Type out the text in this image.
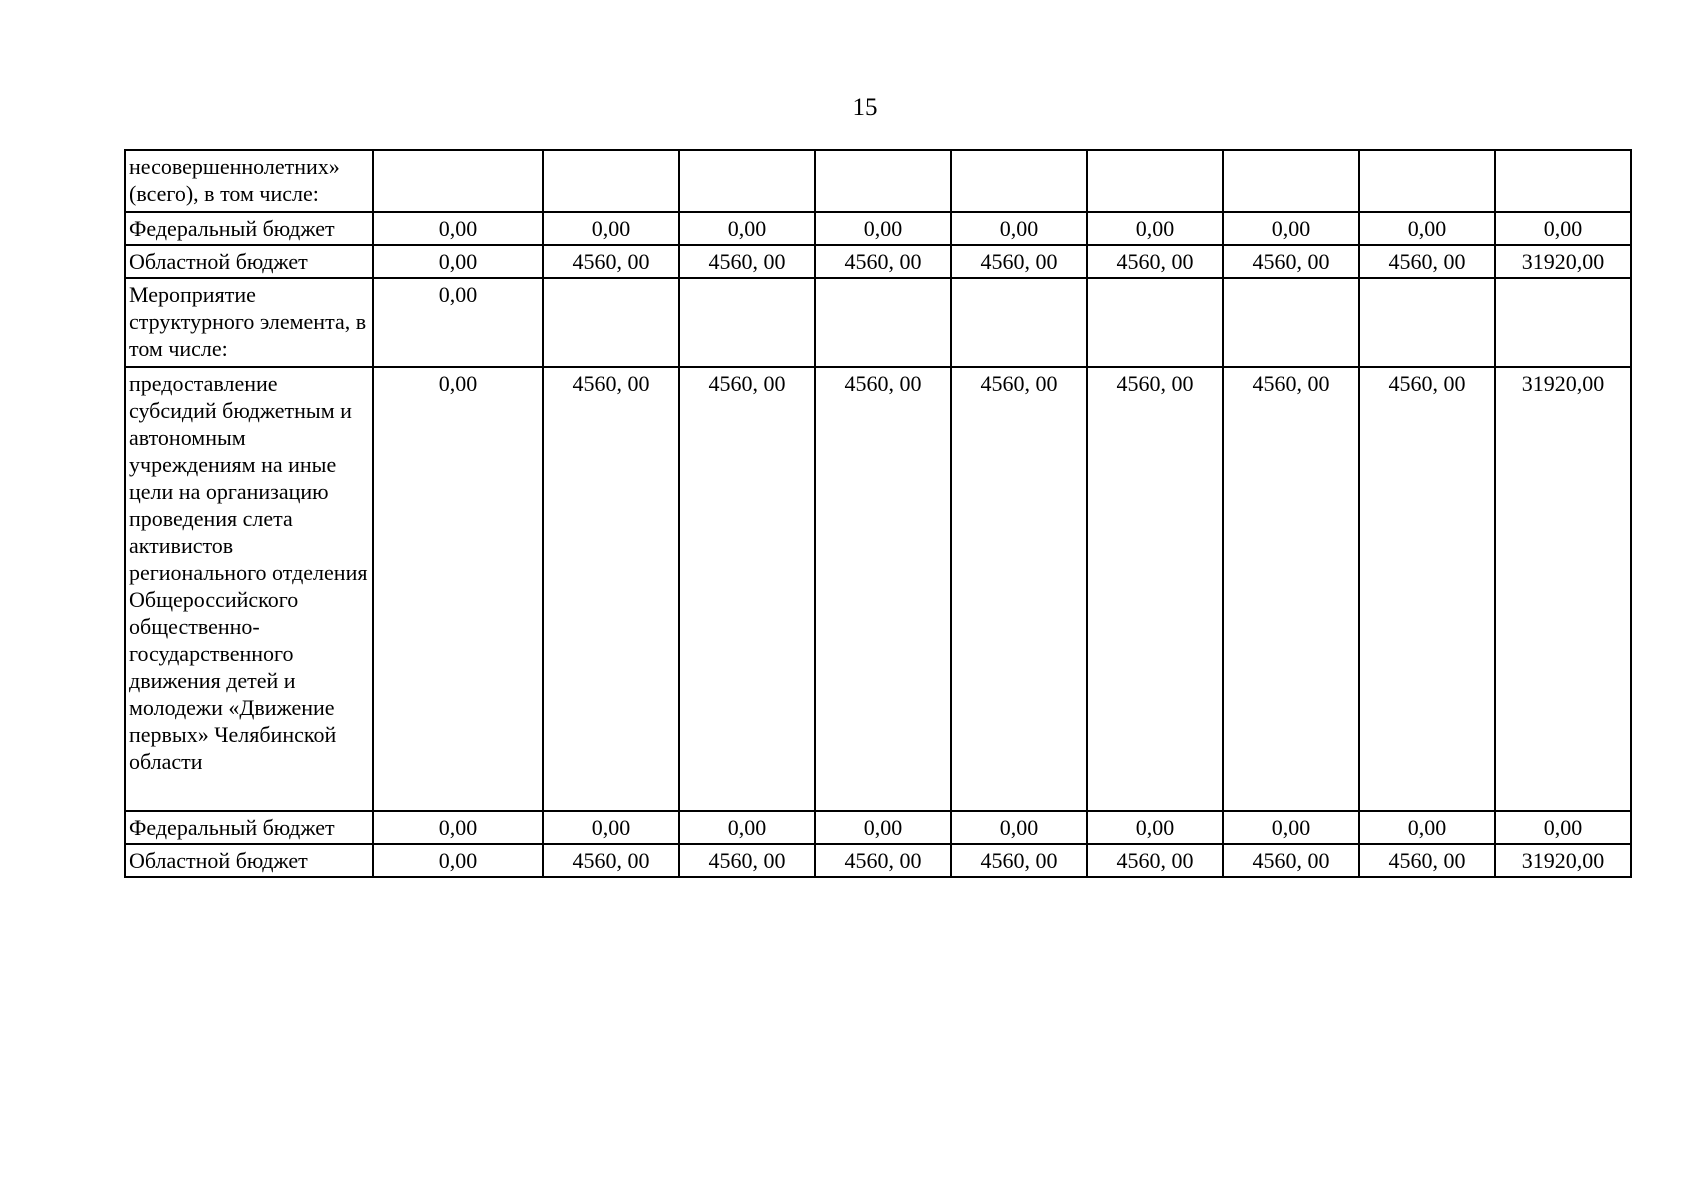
15
несовершеннолетних» (всего), в том числе:									
Федеральный бюджет	0,00	0,00	0,00	0,00	0,00	0,00	0,00	0,00	0,00
Областной бюджет	0,00	4560, 00	4560, 00	4560, 00	4560, 00	4560, 00	4560, 00	4560, 00	31920,00
Мероприятие структурного элемента, в том числе:	0,00								
предоставление субсидий бюджетным и автономным учреждениям на иные цели на организацию проведения слета активистов регионального отделения Общероссийского общественно-государственного движения детей и молодежи «Движение первых» Челябинской области	0,00	4560, 00	4560, 00	4560, 00	4560, 00	4560, 00	4560, 00	4560, 00	31920,00
Федеральный бюджет	0,00	0,00	0,00	0,00	0,00	0,00	0,00	0,00	0,00
Областной бюджет	0,00	4560, 00	4560, 00	4560, 00	4560, 00	4560, 00	4560, 00	4560, 00	31920,00
